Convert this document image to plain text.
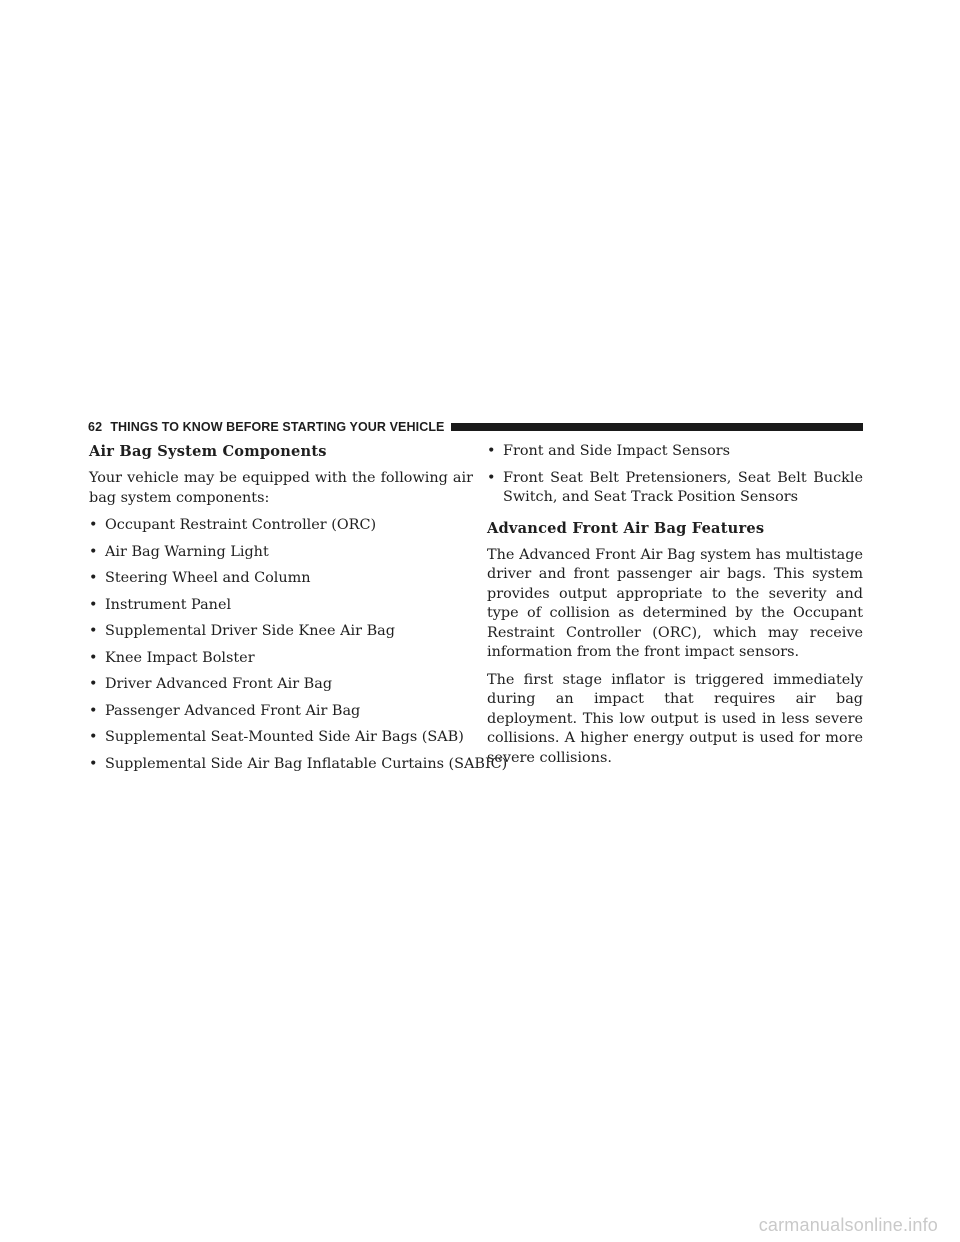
62 THINGS TO KNOW BEFORE STARTING YOUR VEHICLE
Air Bag System Components

Your vehicle may be equipped with the following air bag system components:

• Occupant Restraint Controller (ORC)
• Air Bag Warning Light
• Steering Wheel and Column
• Instrument Panel
• Supplemental Driver Side Knee Air Bag
• Knee Impact Bolster
• Driver Advanced Front Air Bag
• Passenger Advanced Front Air Bag
• Supplemental Seat-Mounted Side Air Bags (SAB)
• Supplemental Side Air Bag Inflatable Curtains (SABIC)
• Front and Side Impact Sensors
• Front Seat Belt Pretensioners, Seat Belt Buckle Switch, and Seat Track Position Sensors
Advanced Front Air Bag Features

The Advanced Front Air Bag system has multistage driver and front passenger air bags. This system provides output appropriate to the severity and type of collision as determined by the Occupant Restraint Controller (ORC), which may receive information from the front impact sensors.

The first stage inflator is triggered immediately during an impact that requires air bag deployment. This low output is used in less severe collisions. A higher energy output is used for more severe collisions.

carmanualsonline.info
